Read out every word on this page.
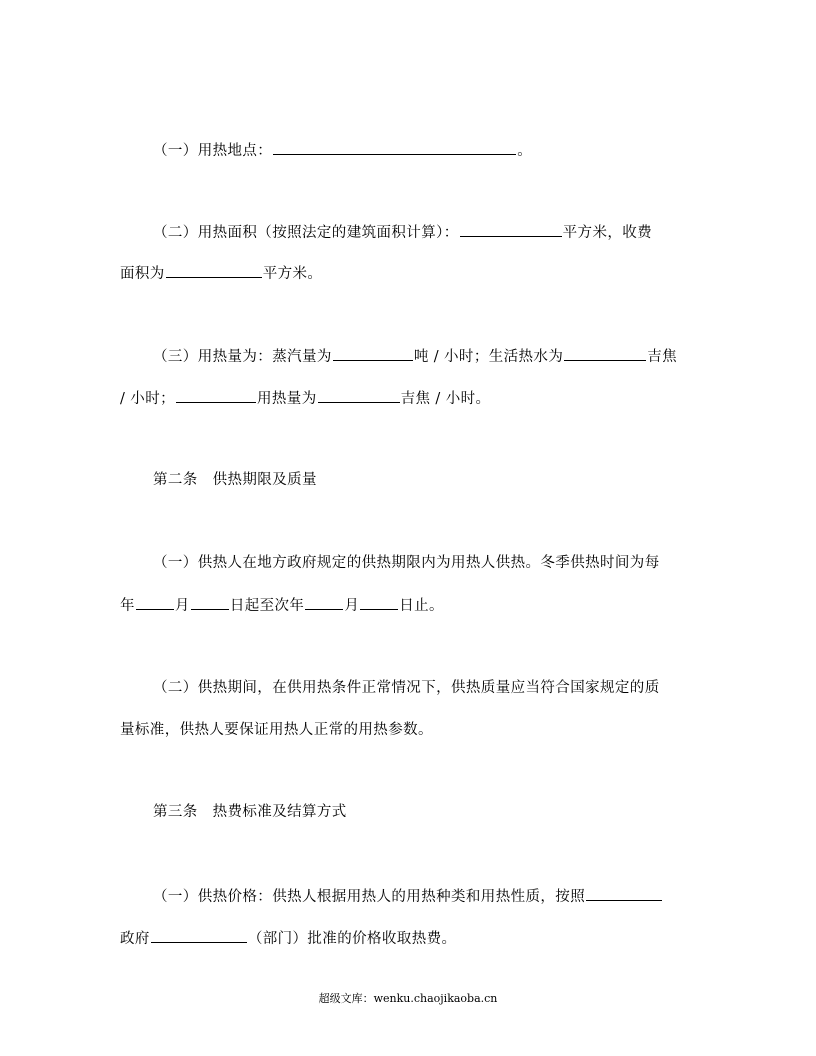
（一）用热地点：	。
（二）用热面积（按照法定的建筑面积计算）：	平方米，收费
面积为	平方米。
（三）用热量为：蒸汽量为	吨 / 小时；生活热水为	吉焦
/ 小时；	用热量为	吉焦 / 小时。
第二条　供热期限及质量
（一）供热人在地方政府规定的供热期限内为用热人供热。冬季供热时间为每
年	月	日起至次年	月	日止。
（二）供热期间，在供用热条件正常情况下，供热质量应当符合国家规定的质
量标准，供热人要保证用热人正常的用热参数。
第三条　热费标准及结算方式
（一）供热价格：供热人根据用热人的用热种类和用热性质，按照
政府	（部门）批准的价格收取热费。
超级文库：wenku.chaojikaoba.cn
